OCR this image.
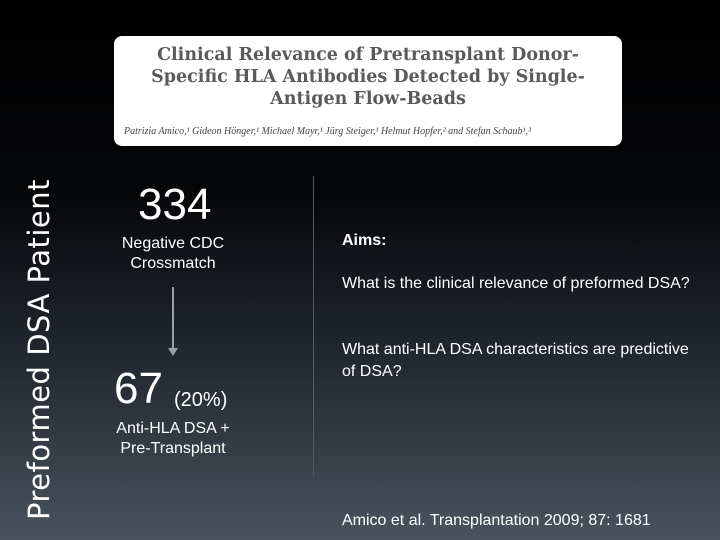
Preformed DSA Patient
Clinical Relevance of Pretransplant Donor-Specific HLA Antibodies Detected by Single-Antigen Flow-Beads
Patrizia Amico,¹ Gideon Hönger,¹ Michael Mayr,¹ Jürg Steiger,¹ Helmut Hopfer,² and Stefan Schaub¹,³
334
Negative CDC Crossmatch
67 (20%)
Anti-HLA DSA + Pre-Transplant
Aims:
What is the clinical relevance of preformed DSA?
What anti-HLA DSA characteristics are predictive of DSA?
Amico et al. Transplantation 2009; 87: 1681
